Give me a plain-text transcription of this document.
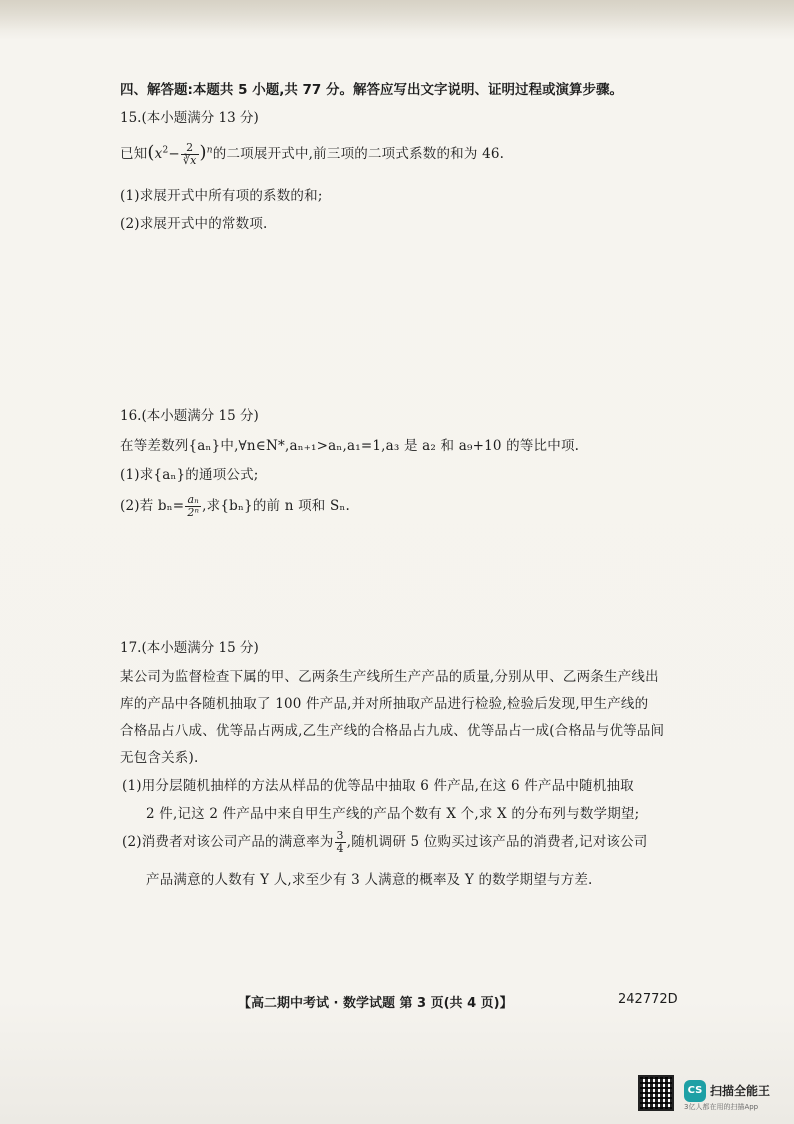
四、解答题:本题共 5 小题,共 77 分。解答应写出文字说明、证明过程或演算步骤。
15.(本小题满分 13 分)
已知$(x^2- \frac{2}{∛x} )^n$的二项展开式中,前三项的二项式系数的和为 46.
(1)求展开式中所有项的系数的和;
(2)求展开式中的常数项.
16.(本小题满分 15 分)
在等差数列{aₙ}中,∀n∈N*,aₙ₊₁>aₙ,a₁=1,a₃ 是 a₂ 和 a₉+10 的等比中项.
(1)求{aₙ}的通项公式;
(2)若 $b_n= \frac{\text{aₙ}}{\text{2ⁿ}}$ ,求{bₙ}的前 n 项和 Sₙ.
17.(本小题满分 15 分)
某公司为监督检查下属的甲、乙两条生产线所生产产品的质量,分别从甲、乙两条生产线出
库的产品中各随机抽取了 100 件产品,并对所抽取产品进行检验,检验后发现,甲生产线的
合格品占八成、优等品占两成,乙生产线的合格品占九成、优等品占一成(合格品与优等品间
无包含关系).
(1)用分层随机抽样的方法从样品的优等品中抽取 6 件产品,在这 6 件产品中随机抽取
2 件,记这 2 件产品中来自甲生产线的产品个数有 X 个,求 X 的分布列与数学期望;
(2)消费者对该公司产品的满意率为 $\frac{3}{4}$ ,随机调研 5 位购买过该产品的消费者,记对该公司
产品满意的人数有 Y 人,求至少有 3 人满意的概率及 Y 的数学期望与方差.
【高二期中考试 · 数学试题 第 3 页(共 4 页)】	242772D
CS 扫描全能王
3亿人都在用的扫描App
